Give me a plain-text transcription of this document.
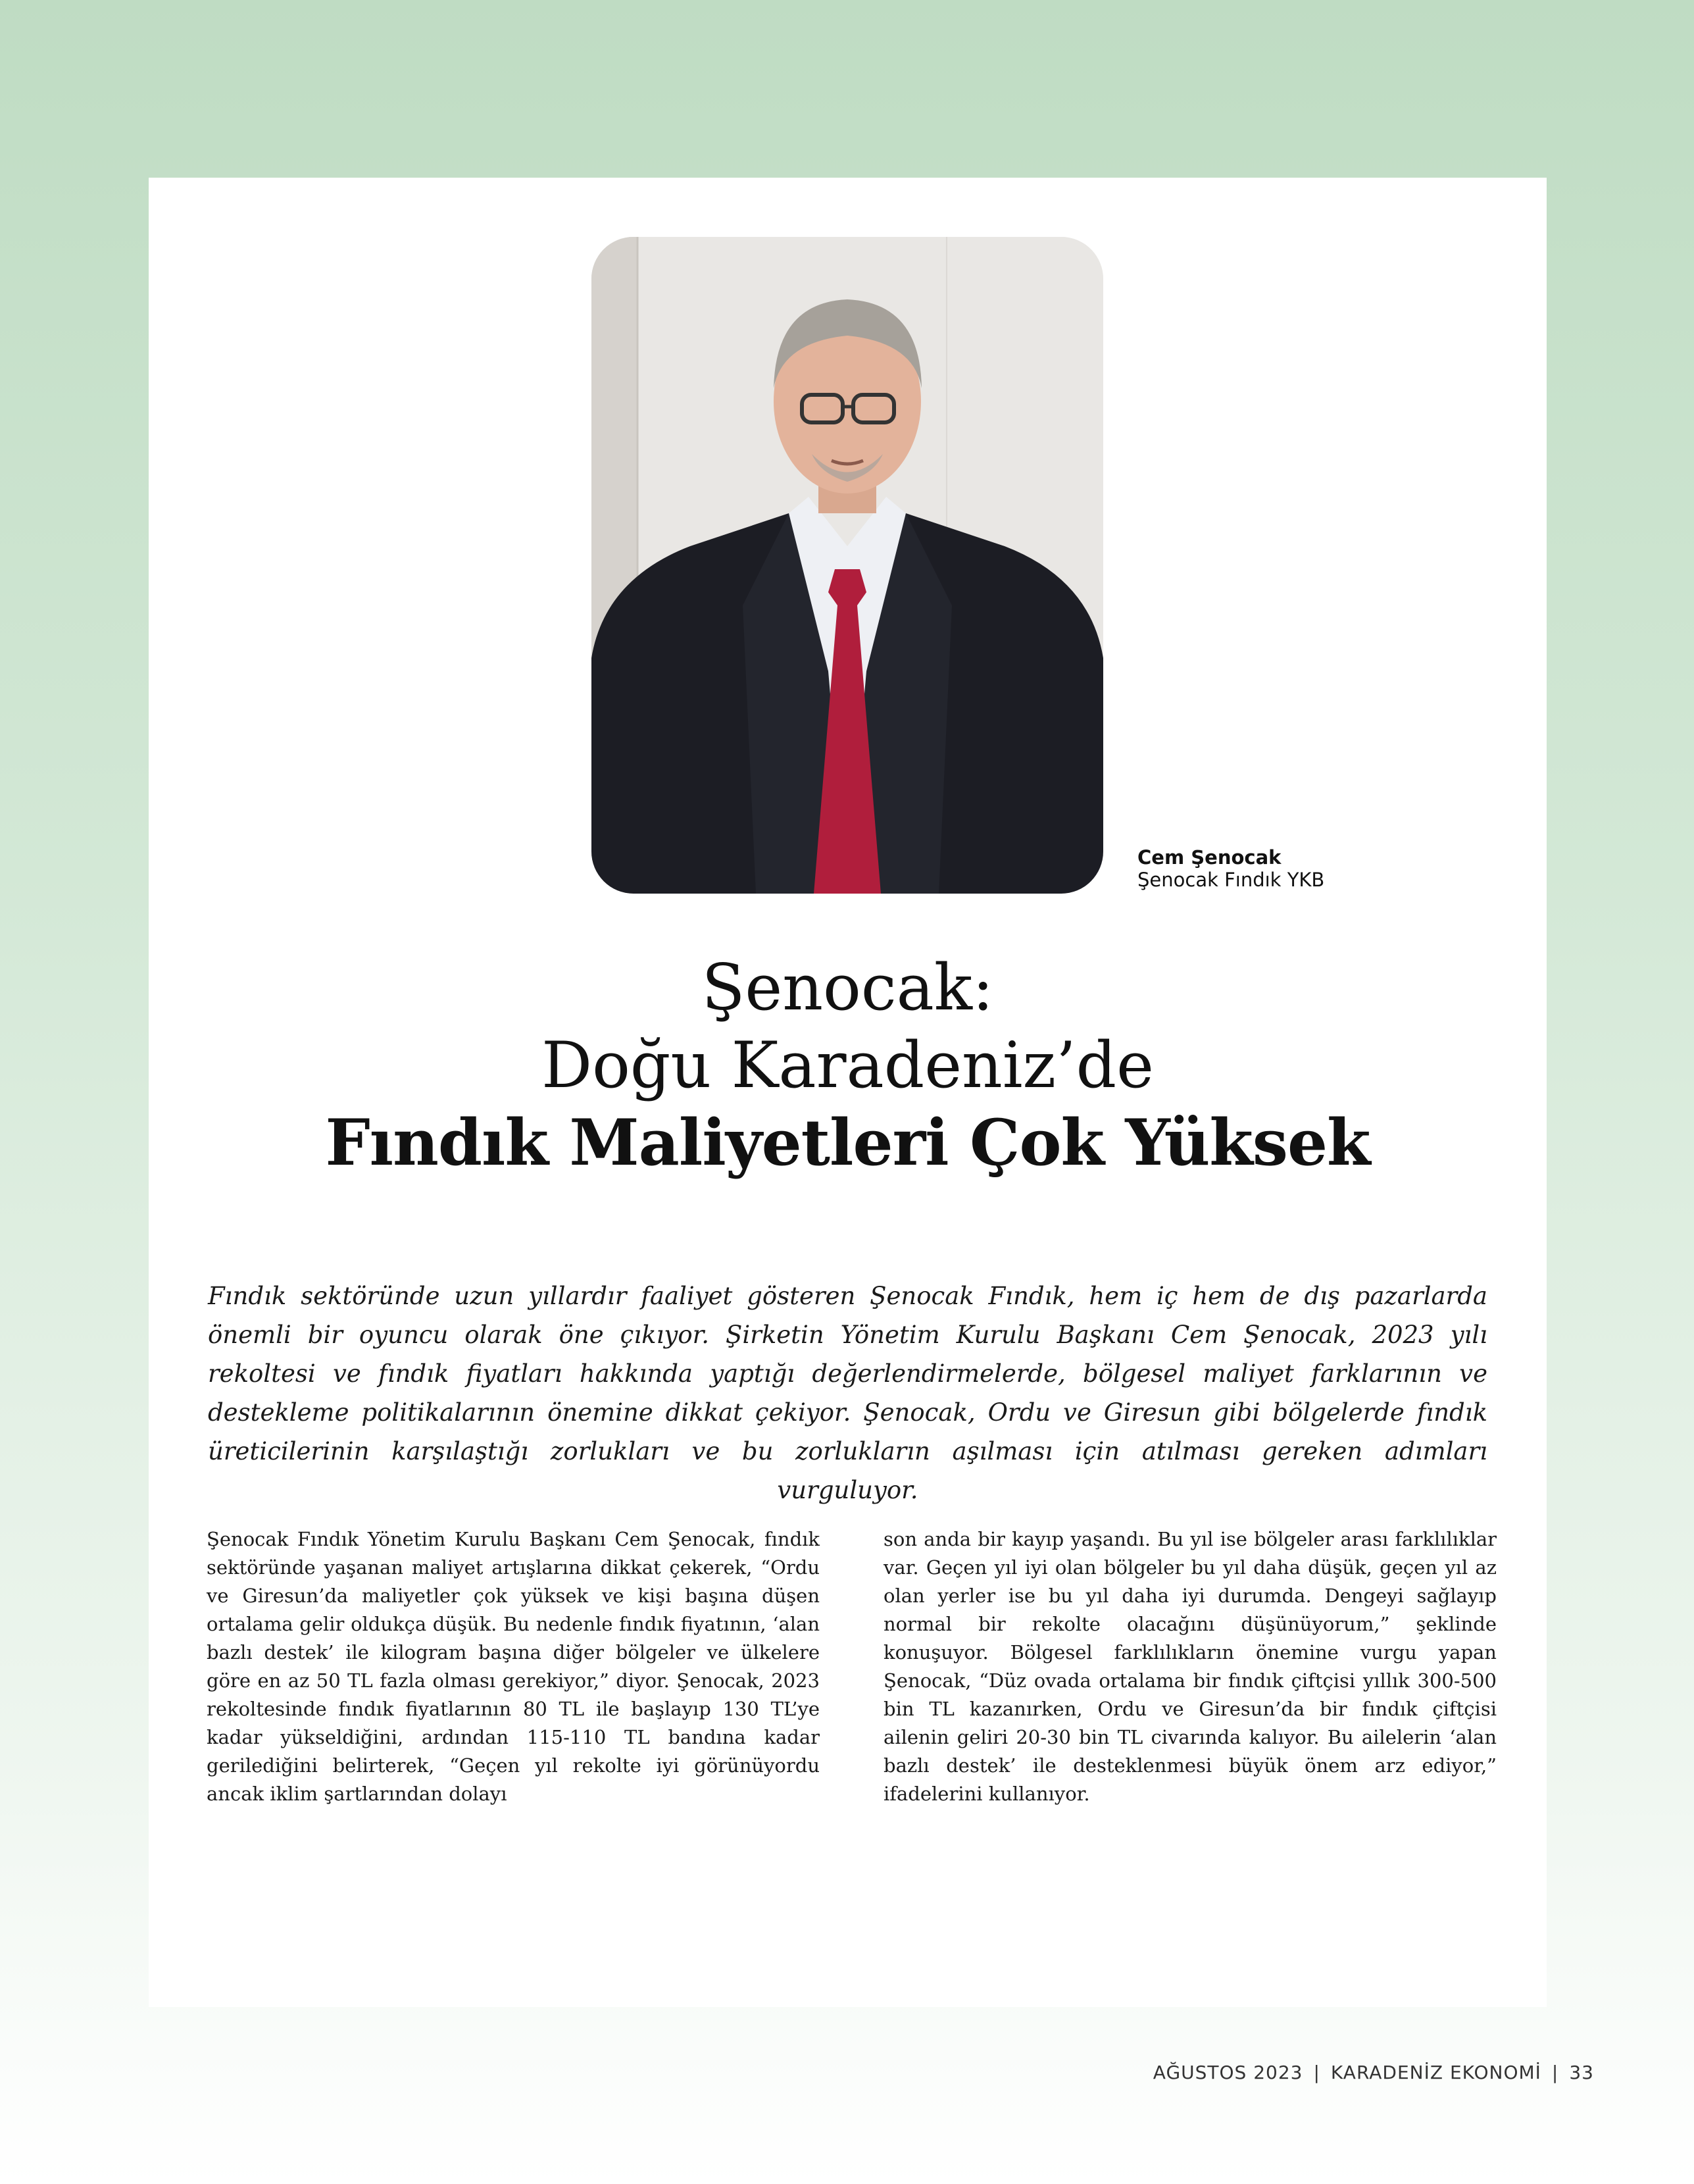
Cem Şenocak
Şenocak Fındık YKB
Şenocak:
Doğu Karadeniz’de
Fındık Maliyetleri Çok Yüksek
Fındık sektöründe uzun yıllardır faaliyet gösteren Şenocak Fındık, hem iç hem de dış pazarlarda önemli bir oyuncu olarak öne çıkıyor. Şirketin Yönetim Kurulu Başkanı Cem Şenocak, 2023 yılı rekoltesi ve fındık fiyatları hakkında yaptığı değerlendirmelerde, bölgesel maliyet farklarının ve destekleme politikalarının önemine dikkat çekiyor. Şenocak, Ordu ve Giresun gibi bölgelerde fındık üreticilerinin karşılaştığı zorlukları ve bu zorlukların aşılması için atılması gereken adımları vurguluyor.

Şenocak Fındık Yönetim Kurulu Başkanı Cem Şenocak, fındık sektöründe yaşanan maliyet artışlarına dikkat çekerek, “Ordu ve Giresun’da maliyetler çok yüksek ve kişi başına düşen ortalama gelir oldukça düşük. Bu nedenle fındık fiyatının, ‘alan bazlı destek’ ile kilogram başına diğer bölgeler ve ülkelere göre en az 50 TL fazla olması gerekiyor,” diyor. Şenocak, 2023 rekoltesinde fındık fiyatlarının 80 TL ile başlayıp 130 TL’ye kadar yükseldiğini, ardından 115-110 TL bandına kadar gerilediğini belirterek, “Geçen yıl rekolte iyi görünüyordu ancak iklim şartlarından dolayı

son anda bir kayıp yaşandı. Bu yıl ise bölgeler arası farklılıklar var. Geçen yıl iyi olan bölgeler bu yıl daha düşük, geçen yıl az olan yerler ise bu yıl daha iyi durumda. Dengeyi sağlayıp normal bir rekolte olacağını düşünüyorum,” şeklinde konuşuyor. Bölgesel farklılıkların önemine vurgu yapan Şenocak, “Düz ovada ortalama bir fındık çiftçisi yıllık 300-500 bin TL kazanırken, Ordu ve Giresun’da bir fındık çiftçisi ailenin geliri 20-30 bin TL civarında kalıyor. Bu ailelerin ‘alan bazlı destek’ ile desteklenmesi büyük önem arz ediyor,” ifadelerini kullanıyor.

AĞUSTOS 2023 | KARADENİZ EKONOMİ | 33
